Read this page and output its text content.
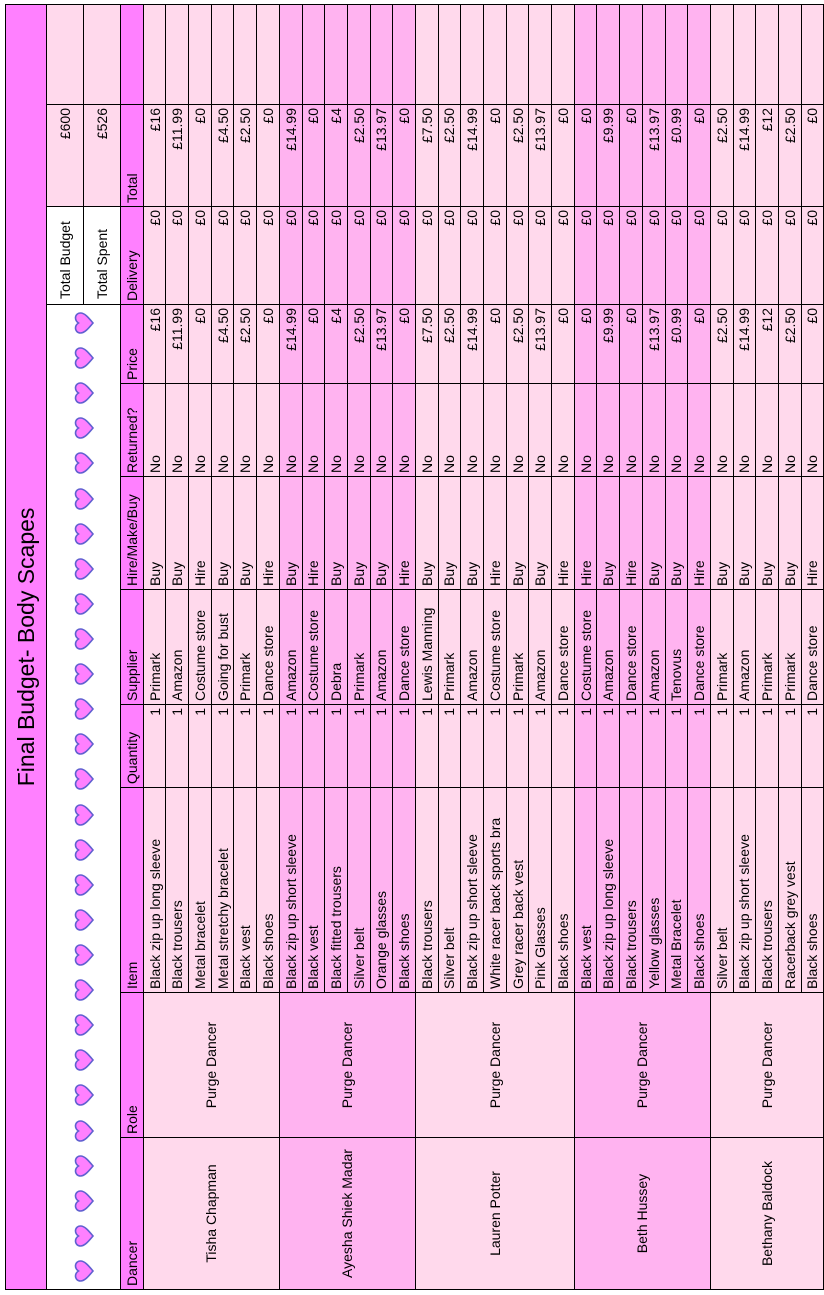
Final Budget- Body Scapes										

	Total Budget	£600	
								Total Spent	£526	
Dancer	Role	Item	Quantity	Supplier	Hire/Make/Buy	Returned?	Price	Delivery	Total	
Tisha Chapman	Purge Dancer	Black zip up long sleeve	1	Primark	Buy	No	£16	£0	£16	
		Black trousers	1	Amazon	Buy	No	£11.99	£0	£11.99	
		Metal bracelet	1	Costume store	Hire	No	£0	£0	£0	
		Metal stretchy bracelet	1	Going for bust	Buy	No	£4.50	£0	£4.50	
		Black vest	1	Primark	Buy	No	£2.50	£0	£2.50	
		Black shoes	1	Dance store	Hire	No	£0	£0	£0	
Ayesha Shiek Madar	Purge Dancer	Black zip up short sleeve	1	Amazon	Buy	No	£14.99	£0	£14.99	
		Black vest	1	Costume store	Hire	No	£0	£0	£0	
		Black fitted trousers	1	Debra	Buy	No	£4	£0	£4	
		Silver belt	1	Primark	Buy	No	£2.50	£0	£2.50	
		Orange glasses	1	Amazon	Buy	No	£13.97	£0	£13.97	
		Black shoes	1	Dance store	Hire	No	£0	£0	£0	
Lauren Potter	Purge Dancer	Black trousers	1	Lewis Manning	Buy	No	£7.50	£0	£7.50	
		Silver belt	1	Primark	Buy	No	£2.50	£0	£2.50	
		Black zip up short sleeve	1	Amazon	Buy	No	£14.99	£0	£14.99	
		White racer back sports bra	1	Costume store	Hire	No	£0	£0	£0	
		Grey racer back vest	1	Primark	Buy	No	£2.50	£0	£2.50	
		Pink Glasses	1	Amazon	Buy	No	£13.97	£0	£13.97	
		Black shoes	1	Dance store	Hire	No	£0	£0	£0	
Beth Hussey	Purge Dancer	Black vest	1	Costume store	Hire	No	£0	£0	£0	
		Black zip up long sleeve	1	Amazon	Buy	No	£9.99	£0	£9.99	
		Black trousers	1	Dance store	Hire	No	£0	£0	£0	
		Yellow glasses	1	Amazon	Buy	No	£13.97	£0	£13.97	
		Metal Bracelet	1	Tenovus	Buy	No	£0.99	£0	£0.99	
		Black shoes	1	Dance store	Hire	No	£0	£0	£0	
Bethany Baldock	Purge Dancer	Silver belt	1	Primark	Buy	No	£2.50	£0	£2.50	
		Black zip up short sleeve	1	Amazon	Buy	No	£14.99	£0	£14.99	
		Black trousers	1	Primark	Buy	No	£12	£0	£12	
		Racerback grey vest	1	Primark	Buy	No	£2.50	£0	£2.50	
		Black shoes	1	Dance store	Hire	No	£0	£0	£0	
